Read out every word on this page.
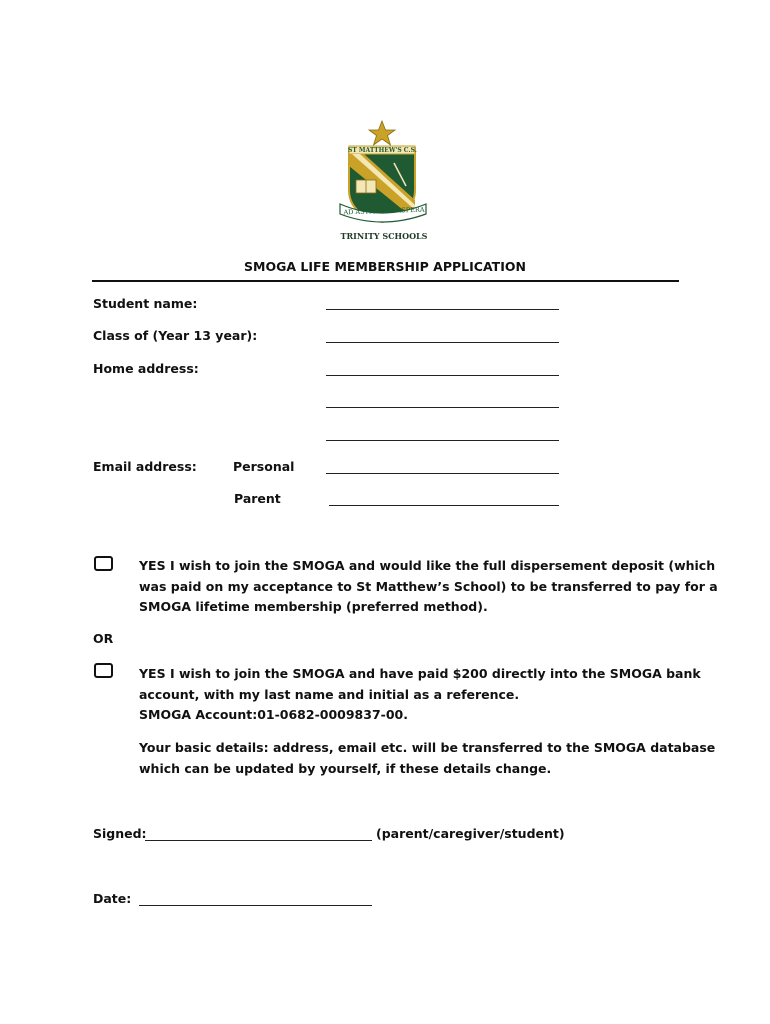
ST MATTHEW'S C.S.
AD ASTRA PER ASPERA
TRINITY SCHOOLS
SMOGA LIFE MEMBERSHIP APPLICATION
Student name:
Class of (Year 13 year):
Home address:
Email address:	Personal
Parent
YES I wish to join the SMOGA and would like the full dispersement deposit (which
was paid on my acceptance to St Matthew’s School) to be transferred to pay for a
SMOGA lifetime membership (preferred method).
OR
YES I wish to join the SMOGA and have paid $200 directly into the SMOGA bank
account, with my last name and initial as a reference.
SMOGA Account:01-0682-0009837-00.
Your basic details: address, email etc. will be transferred to the SMOGA database
which can be updated by yourself, if these details change.
Signed:	(parent/caregiver/student)
Date:
